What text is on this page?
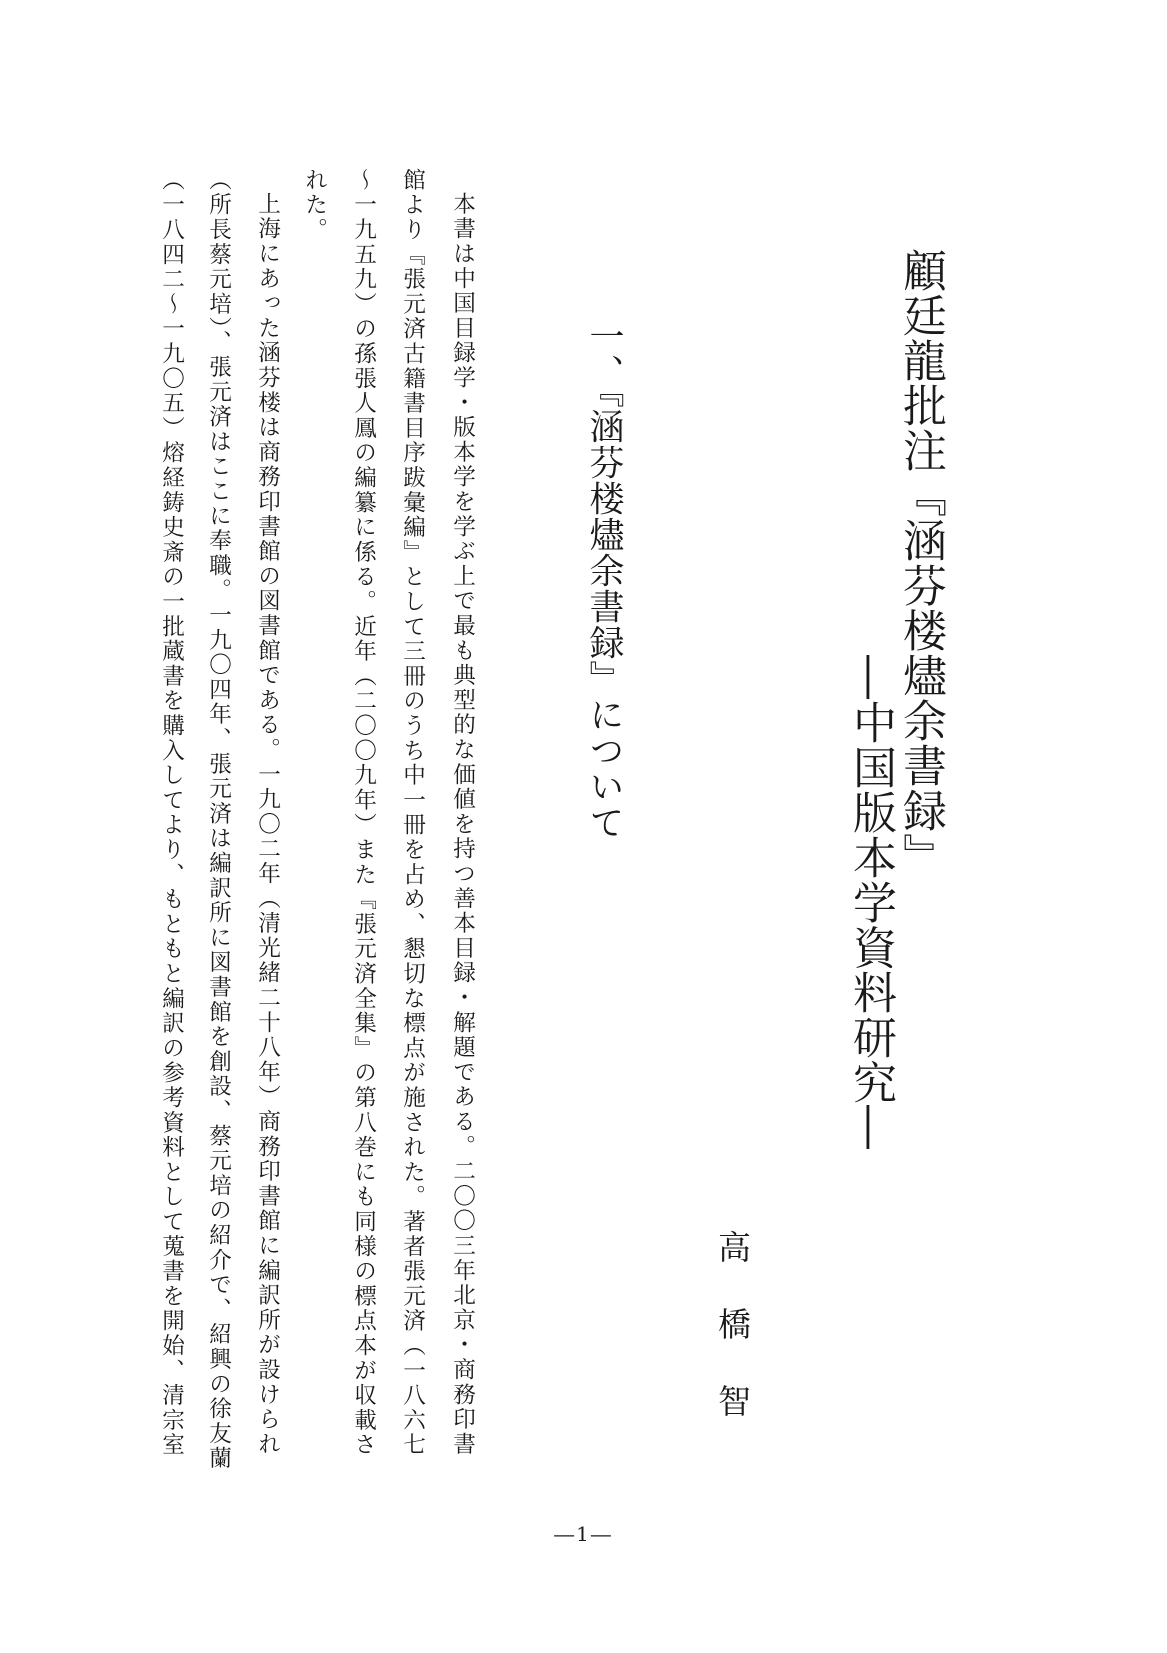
顧廷龍批注『涵芬楼燼余書録』
―中国版本学資料研究―
高橋智
一、『涵芬楼燼余書録』について
本書は中国目録学・版本学を学ぶ上で最も典型的な価値を持つ善本目録・解題である。二〇〇三年北京・商務印書
館より『張元済古籍書目序跋彙編』として三冊のうち中一冊を占め、懇切な標点が施された。著者張元済（一八六七
～一九五九）の孫張人鳳の編纂に係る。近年（二〇〇九年）また『張元済全集』の第八巻にも同様の標点本が収載さ
れた。
上海にあった涵芬楼は商務印書館の図書館である。一九〇二年（清光緒二十八年）商務印書館に編訳所が設けられ
（所長蔡元培）、張元済はここに奉職。一九〇四年、張元済は編訳所に図書館を創設、蔡元培の紹介で、紹興の徐友蘭
（一八四二～一九〇五）熔経鋳史斎の一批蔵書を購入してより、もともと編訳の参考資料として蒐書を開始、清宗室
―1―
